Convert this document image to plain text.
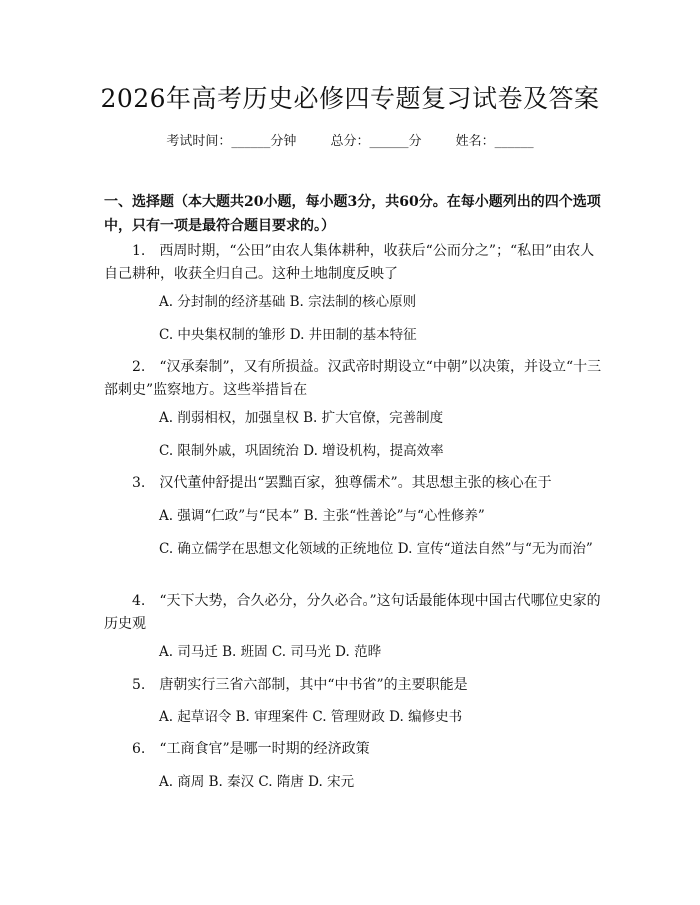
2026年高考历史必修四专题复习试卷及答案
考试时间：______分钟	总分：______分	姓名：______
一、选择题（本大题共20小题，每小题3分，共60分。在每小题列出的四个选项中，只有一项是最符合题目要求的。）
1.　西周时期，“公田”由农人集体耕种，收获后“公而分之”；“私田”由农人自己耕种，收获全归自己。这种土地制度反映了
A. 分封制的经济基础 B. 宗法制的核心原则
C. 中央集权制的雏形 D. 井田制的基本特征
2.　“汉承秦制”，又有所损益。汉武帝时期设立“中朝”以决策，并设立“十三部刺史”监察地方。这些举措旨在
A. 削弱相权，加强皇权 B. 扩大官僚，完善制度
C. 限制外戚，巩固统治 D. 增设机构，提高效率
3.　汉代董仲舒提出“罢黜百家，独尊儒术”。其思想主张的核心在于
A. 强调“仁政”与“民本” B. 主张“性善论”与“心性修养”
C. 确立儒学在思想文化领域的正统地位 D. 宣传“道法自然”与“无为而治”
4.　“天下大势，合久必分，分久必合。”这句话最能体现中国古代哪位史家的历史观
A. 司马迁 B. 班固 C. 司马光 D. 范晔
5.　唐朝实行三省六部制，其中“中书省”的主要职能是
A. 起草诏令 B. 审理案件 C. 管理财政 D. 编修史书
6.　“工商食官”是哪一时期的经济政策
A. 商周 B. 秦汉 C. 隋唐 D. 宋元
